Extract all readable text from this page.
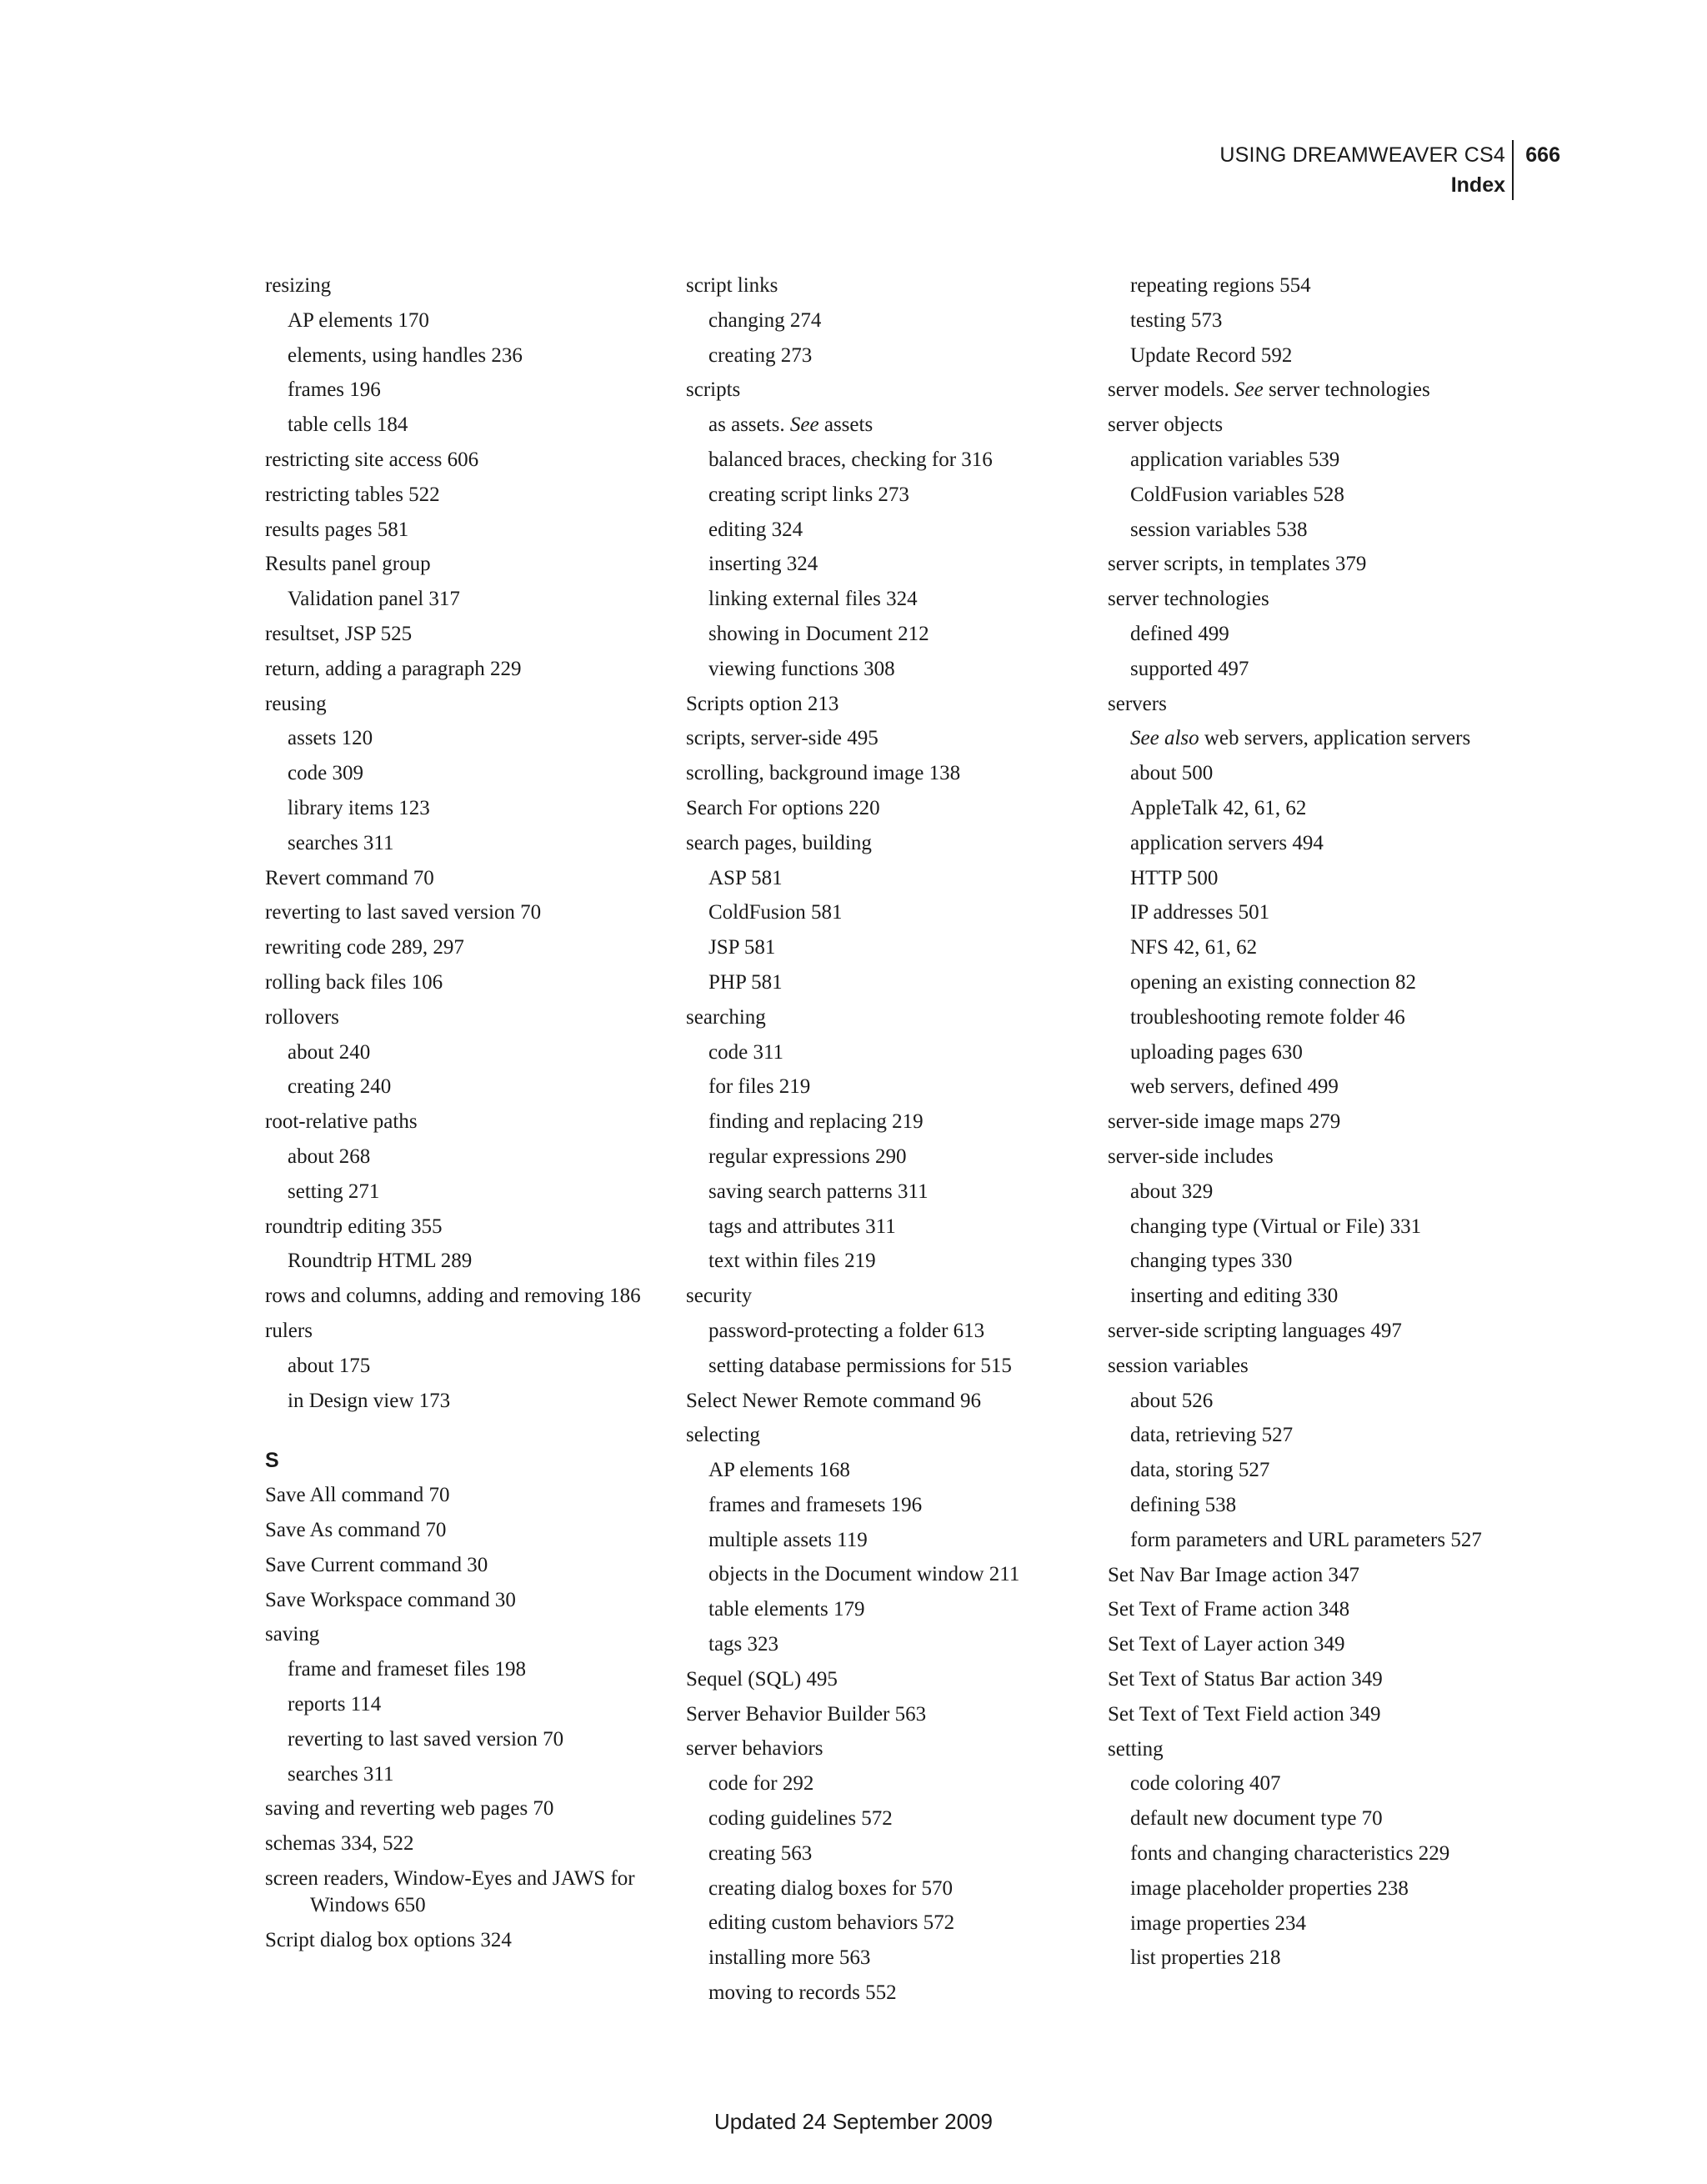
USING DREAMWEAVER CS4
Index
666
resizing
AP elements 170
elements, using handles 236
frames 196
table cells 184
restricting site access 606
restricting tables 522
results pages 581
Results panel group
Validation panel 317
resultset, JSP 525
return, adding a paragraph 229
reusing
assets 120
code 309
library items 123
searches 311
Revert command 70
reverting to last saved version 70
rewriting code 289, 297
rolling back files 106
rollovers
about 240
creating 240
root-relative paths
about 268
setting 271
roundtrip editing 355
Roundtrip HTML 289
rows and columns, adding and removing 186
rulers
about 175
in Design view 173
S
Save All command 70
Save As command 70
Save Current command 30
Save Workspace command 30
saving
frame and frameset files 198
reports 114
reverting to last saved version 70
searches 311
saving and reverting web pages 70
schemas 334, 522
screen readers, Window-Eyes and JAWS for Windows 650
Script dialog box options 324
script links
changing 274
creating 273
scripts
as assets. See assets
balanced braces, checking for 316
creating script links 273
editing 324
inserting 324
linking external files 324
showing in Document 212
viewing functions 308
Scripts option 213
scripts, server-side 495
scrolling, background image 138
Search For options 220
search pages, building
ASP 581
ColdFusion 581
JSP 581
PHP 581
searching
code 311
for files 219
finding and replacing 219
regular expressions 290
saving search patterns 311
tags and attributes 311
text within files 219
security
password-protecting a folder 613
setting database permissions for 515
Select Newer Remote command 96
selecting
AP elements 168
frames and framesets 196
multiple assets 119
objects in the Document window 211
table elements 179
tags 323
Sequel (SQL) 495
Server Behavior Builder 563
server behaviors
code for 292
coding guidelines 572
creating 563
creating dialog boxes for 570
editing custom behaviors 572
installing more 563
moving to records 552
repeating regions 554
testing 573
Update Record 592
server models. See server technologies
server objects
application variables 539
ColdFusion variables 528
session variables 538
server scripts, in templates 379
server technologies
defined 499
supported 497
servers
See also web servers, application servers
about 500
AppleTalk 42, 61, 62
application servers 494
HTTP 500
IP addresses 501
NFS 42, 61, 62
opening an existing connection 82
troubleshooting remote folder 46
uploading pages 630
web servers, defined 499
server-side image maps 279
server-side includes
about 329
changing type (Virtual or File) 331
changing types 330
inserting and editing 330
server-side scripting languages 497
session variables
about 526
data, retrieving 527
data, storing 527
defining 538
form parameters and URL parameters 527
Set Nav Bar Image action 347
Set Text of Frame action 348
Set Text of Layer action 349
Set Text of Status Bar action 349
Set Text of Text Field action 349
setting
code coloring 407
default new document type 70
fonts and changing characteristics 229
image placeholder properties 238
image properties 234
list properties 218
Updated 24 September 2009
